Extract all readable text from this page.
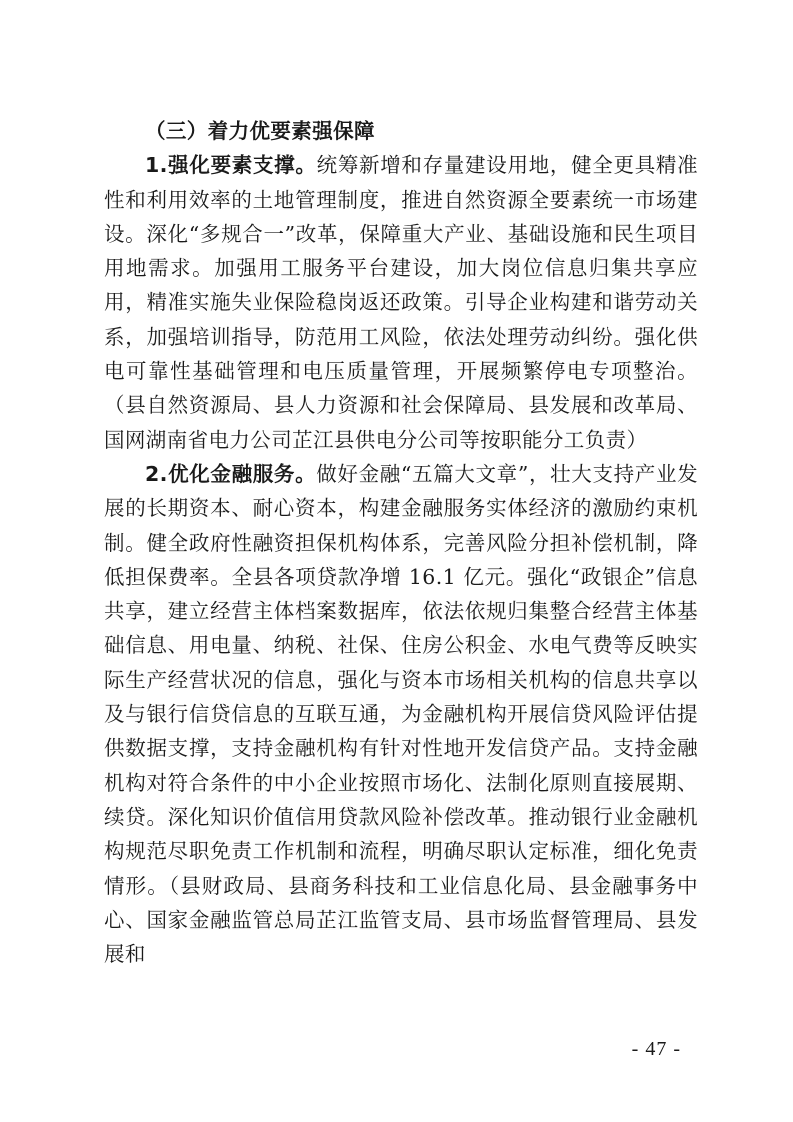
（三）着力优要素强保障

1.强化要素支撑。统筹新增和存量建设用地，健全更具精准性和利用效率的土地管理制度，推进自然资源全要素统一市场建设。深化“多规合一”改革，保障重大产业、基础设施和民生项目用地需求。加强用工服务平台建设，加大岗位信息归集共享应用，精准实施失业保险稳岗返还政策。引导企业构建和谐劳动关系，加强培训指导，防范用工风险，依法处理劳动纠纷。强化供电可靠性基础管理和电压质量管理，开展频繁停电专项整治。（县自然资源局、县人力资源和社会保障局、县发展和改革局、国网湖南省电力公司芷江县供电分公司等按职能分工负责）

2.优化金融服务。做好金融“五篇大文章”，壮大支持产业发展的长期资本、耐心资本，构建金融服务实体经济的激励约束机制。健全政府性融资担保机构体系，完善风险分担补偿机制，降低担保费率。全县各项贷款净增 16.1 亿元。强化“政银企”信息共享，建立经营主体档案数据库，依法依规归集整合经营主体基础信息、用电量、纳税、社保、住房公积金、水电气费等反映实际生产经营状况的信息，强化与资本市场相关机构的信息共享以及与银行信贷信息的互联互通，为金融机构开展信贷风险评估提供数据支撑，支持金融机构有针对性地开发信贷产品。支持金融机构对符合条件的中小企业按照市场化、法制化原则直接展期、续贷。深化知识价值信用贷款风险补偿改革。推动银行业金融机构规范尽职免责工作机制和流程，明确尽职认定标准，细化免责情形。（县财政局、县商务科技和工业信息化局、县金融事务中心、国家金融监管总局芷江监管支局、县市场监督管理局、县发展和

- 47 -
